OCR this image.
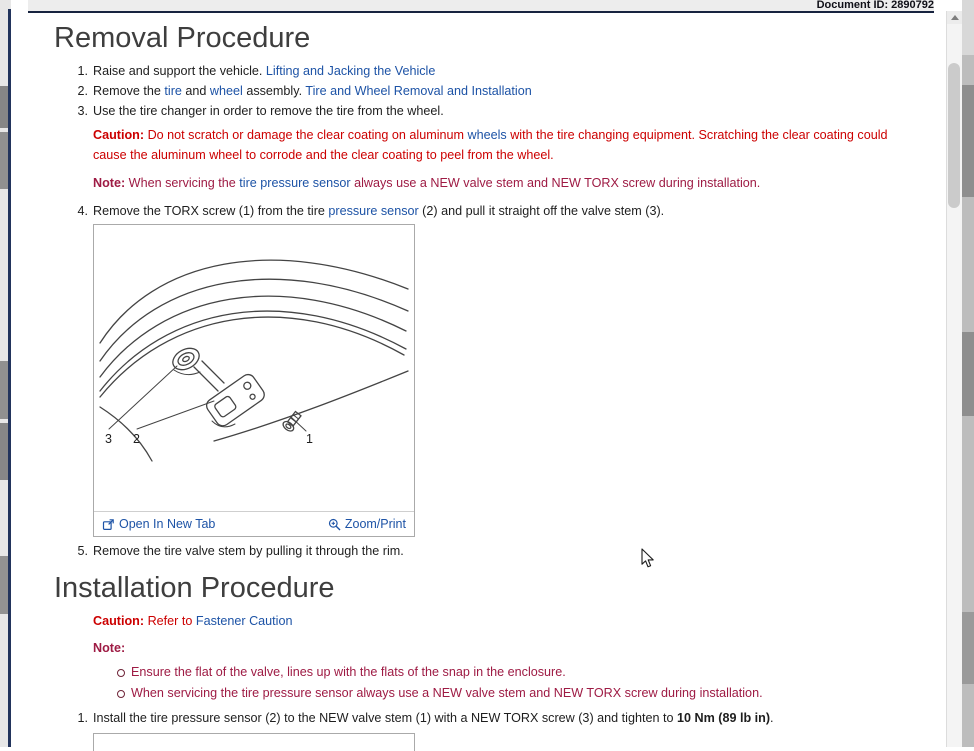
Document ID: 2890792
Removal Procedure
1. Raise and support the vehicle. Lifting and Jacking the Vehicle
2. Remove the tire and wheel assembly. Tire and Wheel Removal and Installation
3. Use the tire changer in order to remove the tire from the wheel.
Caution: Do not scratch or damage the clear coating on aluminum wheels with the tire changing equipment. Scratching the clear coating could cause the aluminum wheel to corrode and the clear coating to peel from the wheel.
Note: When servicing the tire pressure sensor always use a NEW valve stem and NEW TORX screw during installation.
4. Remove the TORX screw (1) from the tire pressure sensor (2) and pull it straight off the valve stem (3).
3 2	1
Open In New Tab	Zoom/Print
5. Remove the tire valve stem by pulling it through the rim.
Installation Procedure
Caution: Refer to Fastener Caution
Note:
Ensure the flat of the valve, lines up with the flats of the snap in the enclosure.
When servicing the tire pressure sensor always use a NEW valve stem and NEW TORX screw during installation.
1. Install the tire pressure sensor (2) to the NEW valve stem (1) with a NEW TORX screw (3) and tighten to 10 Nm (89 lb in).
